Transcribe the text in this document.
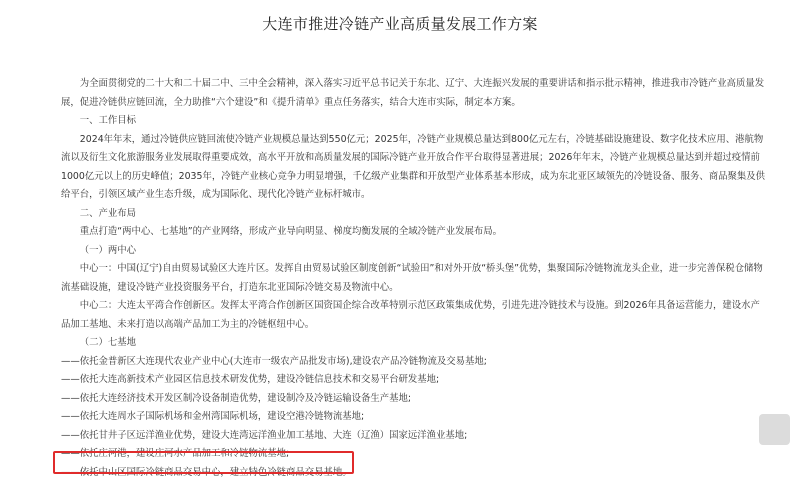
大连市推进冷链产业高质量发展工作方案

为全面贯彻党的二十大和二十届二中、三中全会精神，深入落实习近平总书记关于东北、辽宁、大连振兴发展的重要讲话和指示批示精神，推进我市冷链产业高质量发展，促进冷链供应链回流，全力助推“六个建设”和《提升清单》重点任务落实，结合大连市实际，制定本方案。

一、工作目标

2024年年末，通过冷链供应链回流使冷链产业规模总量达到550亿元；2025年，冷链产业规模总量达到800亿元左右，冷链基础设施建设、数字化技术应用、港航物流以及衍生文化旅游服务业发展取得重要成效，高水平开放和高质量发展的国际冷链产业开放合作平台取得显著进展；2026年年末，冷链产业规模总量达到并超过疫情前1000亿元以上的历史峰值；2035年，冷链产业核心竞争力明显增强，千亿级产业集群和开放型产业体系基本形成，成为东北亚区域领先的冷链设备、服务、商品聚集及供给平台，引领区域产业生态升级，成为国际化、现代化冷链产业标杆城市。

二、产业布局

重点打造“两中心、七基地”的产业网络，形成产业导向明显、梯度均衡发展的全域冷链产业发展布局。

（一）两中心

中心一：中国(辽宁)自由贸易试验区大连片区。发挥自由贸易试验区制度创新“试验田”和对外开放“桥头堡”优势，集聚国际冷链物流龙头企业，进一步完善保税仓储物流基础设施，建设冷链产业投资服务平台，打造东北亚国际冷链交易及物流中心。

中心二：大连太平湾合作创新区。发挥太平湾合作创新区国资国企综合改革特别示范区政策集成优势，引进先进冷链技术与设施。到2026年具备运营能力，建设水产品加工基地、未来打造以高端产品加工为主的冷链枢纽中心。

（二）七基地

——依托金普新区大连现代农业产业中心(大连市一级农产品批发市场),建设农产品冷链物流及交易基地;

——依托大连高新技术产业园区信息技术研发优势，建设冷链信息技术和交易平台研发基地;

——依托大连经济技术开发区制冷设备制造优势，建设制冷及冷链运输设备生产基地;

——依托大连周水子国际机场和金州湾国际机场，建设空港冷链物流基地;

——依托甘井子区远洋渔业优势，建设大连湾远洋渔业加工基地、大连（辽渔）国家远洋渔业基地;

——依托庄河港，建设庄河水产品加工和冷链物流基地;

——依托中山区国际冷链商品交易中心，建立特色冷链商品交易基地。
